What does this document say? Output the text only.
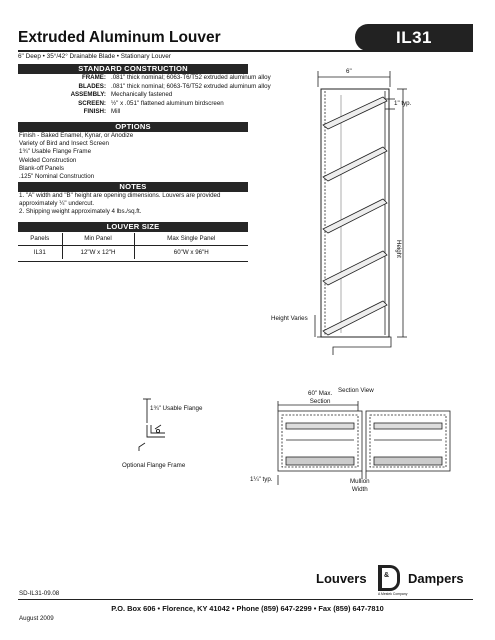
Extruded Aluminum Louver	IL31
6" Deep • 35°/42° Drainable Blade • Stationary Louver
STANDARD CONSTRUCTION
FRAME: .081" thick nominal; 6063-T6/T52 extruded aluminum alloy
BLADES: .081" thick nominal; 6063-T6/T52 extruded aluminum alloy
ASSEMBLY: Mechanically fastened
SCREEN: ½" x .051" flattened aluminum birdscreen
FINISH: Mill
OPTIONS
Finish - Baked Enamel, Kynar, or Anodize
Variety of Bird and Insect Screen
1¾" Usable Flange Frame
Welded Construction
Blank-off Panels
.125" Nominal Construction
NOTES
1. "A" width and "B" height are opening dimensions. Louvers are provided
approximately ¼" undercut.
2. Shipping weight approximately 4 lbs./sq.ft.
LOUVER SIZE
Panels	Min Panel	Max Single Panel
IL31	12"W x 12"H	60"W x 96"H
6"
1" typ.
Height
Height Varies
Section View
1¾" Usable Flange
Optional Flange Frame
60" Max.
Section
1¼" typ.	Mullion
Width
Louvers & Dampers
A Mestek Company
SD-IL31-09.08
P.O. Box 606 • Florence, KY 41042 • Phone (859) 647-2299 • Fax (859) 647-7810
August 2009
